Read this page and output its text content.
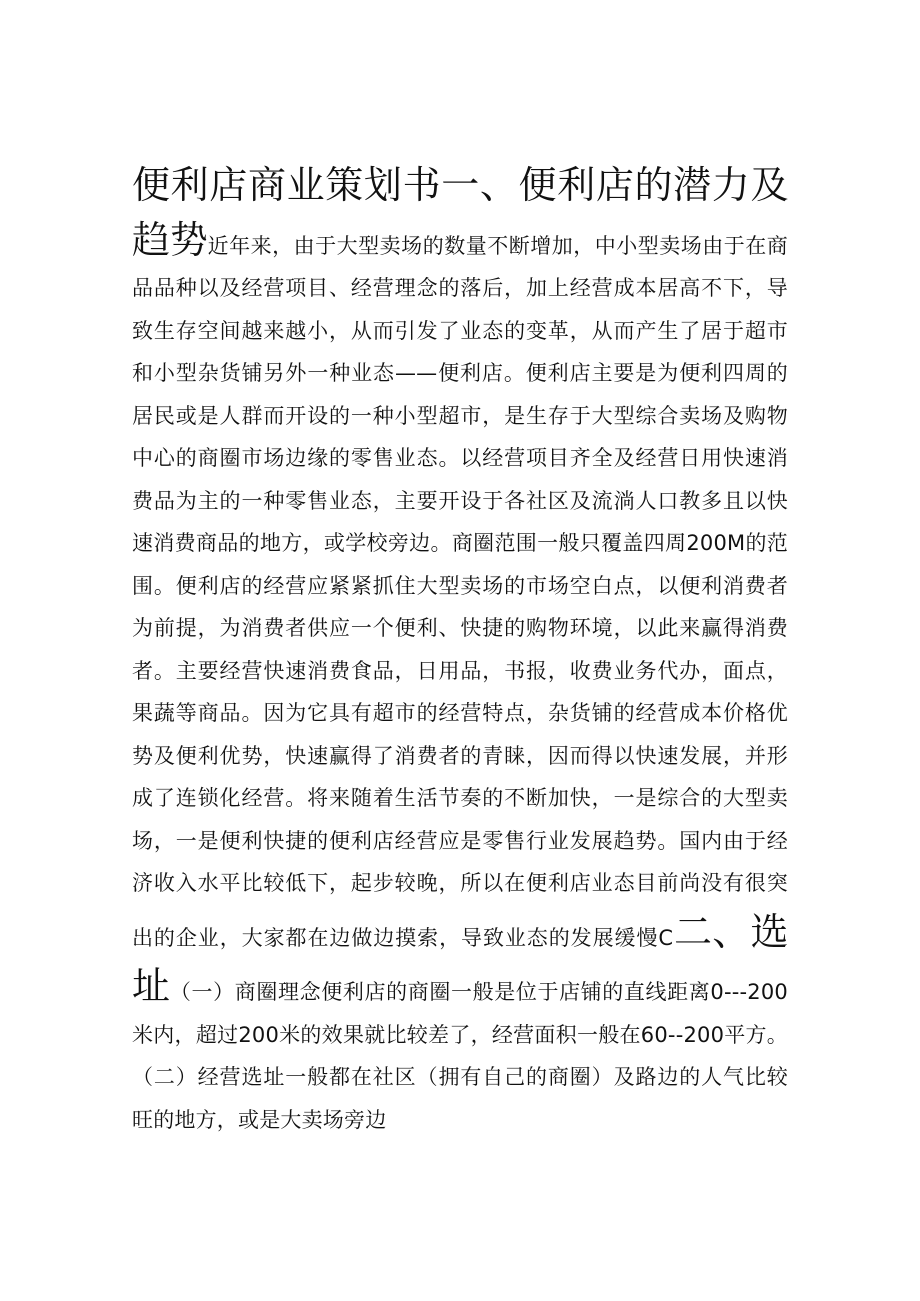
便利店商业策划书一、便利店的潜力及趋势近年来，由于大型卖场的数量不断增加，中小型卖场由于在商品品种以及经营项目、经营理念的落后，加上经营成本居高不下，导致生存空间越来越小，从而引发了业态的变革，从而产生了居于超市和小型杂货铺另外一种业态——便利店。便利店主要是为便利四周的居民或是人群而开设的一种小型超市，是生存于大型综合卖场及购物中心的商圈市场边缘的零售业态。以经营项目齐全及经营日用快速消费品为主的一种零售业态，主要开设于各社区及流淌人口教多且以快速消费商品的地方，或学校旁边。商圈范围一般只覆盖四周200M的范围。便利店的经营应紧紧抓住大型卖场的市场空白点，以便利消费者为前提，为消费者供应一个便利、快捷的购物环境，以此来赢得消费者。主要经营快速消费食品，日用品，书报，收费业务代办，面点，果蔬等商品。因为它具有超市的经营特点，杂货铺的经营成本价格优势及便利优势，快速赢得了消费者的青睐，因而得以快速发展，并形成了连锁化经营。将来随着生活节奏的不断加快，一是综合的大型卖场，一是便利快捷的便利店经营应是零售行业发展趋势。国内由于经济收入水平比较低下，起步较晚，所以在便利店业态目前尚没有很突出的企业，大家都在边做边摸索，导致业态的发展缓慢C二、选址（一）商圈理念便利店的商圈一般是位于店铺的直线距离0---200米内，超过200米的效果就比较差了，经营面积一般在60--200平方。（二）经营选址一般都在社区（拥有自己的商圈）及路边的人气比较旺的地方，或是大卖场旁边
